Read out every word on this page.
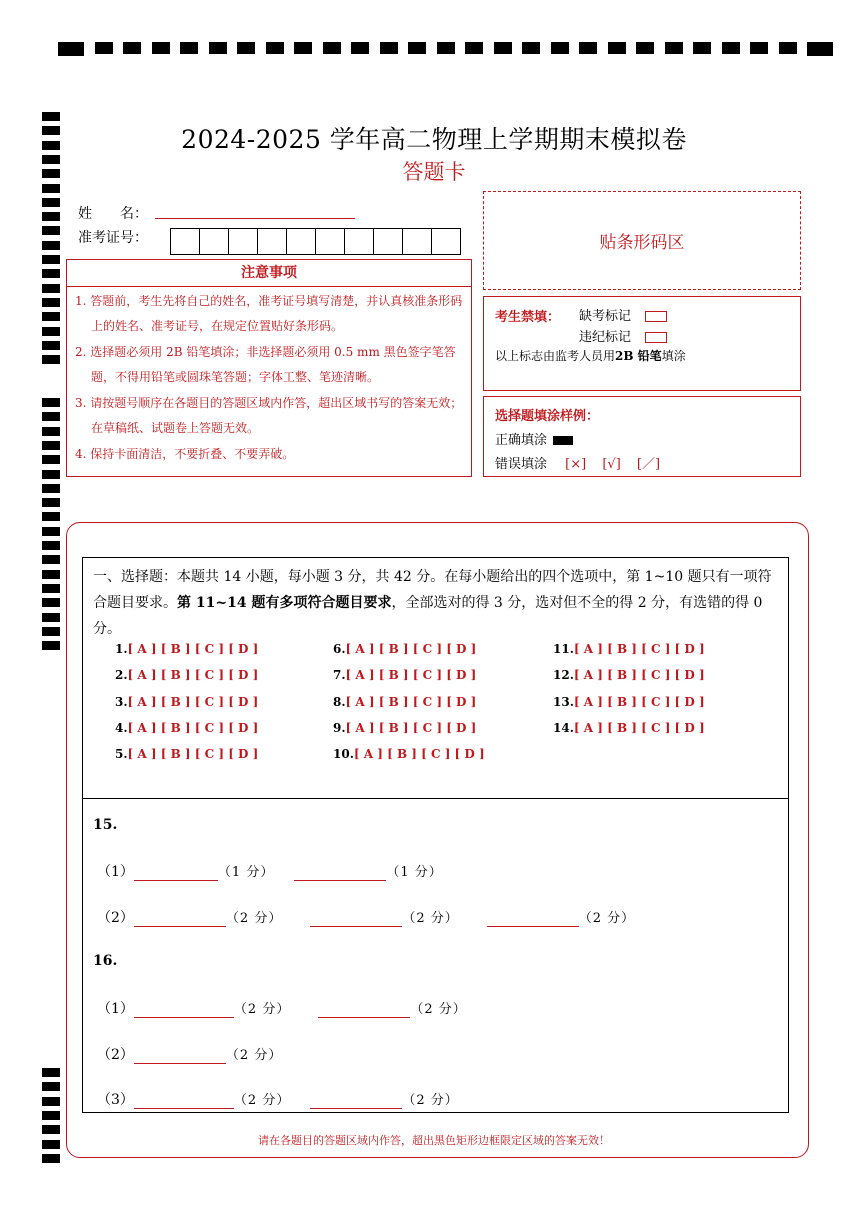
2024-2025 学年高二物理上学期期末模拟卷
答题卡
姓　　名：
准考证号：	贴条形码区
注意事项
1. 答题前，考生先将自己的姓名，准考证号填写清楚，并认真核准条形码上的姓名、准考证号，在规定位置贴好条形码。
2. 选择题必须用 2B 铅笔填涂；非选择题必须用 0.5 mm 黑色签字笔答题，不得用铅笔或圆珠笔答题；字体工整、笔迹清晰。
3. 请按题号顺序在各题目的答题区域内作答，超出区域书写的答案无效；在草稿纸、试题卷上答题无效。
4. 保持卡面清洁，不要折叠、不要弄破。
考生禁填： 缺考标记
违纪标记
以上标志由监考人员用2B 铅笔填涂
选择题填涂样例：
正确填涂
错误填涂 [×] [√] [／]
一、选择题：本题共 14 小题，每小题 3 分，共 42 分。在每小题给出的四个选项中，第 1~10 题只有一项符合题目要求。第 11~14 题有多项符合题目要求，全部选对的得 3 分，选对但不全的得 2 分，有选错的得 0 分。
1.[ A ] [ B ] [ C ] [ D ]
2.[ A ] [ B ] [ C ] [ D ]
3.[ A ] [ B ] [ C ] [ D ]
4.[ A ] [ B ] [ C ] [ D ]
5.[ A ] [ B ] [ C ] [ D ]
6.[ A ] [ B ] [ C ] [ D ]
7.[ A ] [ B ] [ C ] [ D ]
8.[ A ] [ B ] [ C ] [ D ]
9.[ A ] [ B ] [ C ] [ D ]
10.[ A ] [ B ] [ C ] [ D ]
11.[ A ] [ B ] [ C ] [ D ]
12.[ A ] [ B ] [ C ] [ D ]
13.[ A ] [ B ] [ C ] [ D ]
14.[ A ] [ B ] [ C ] [ D ]
15.
（1）	（1 分）	（1 分）
（2）	（2 分）	（2 分）	（2 分）
16.
（1）	（2 分）	（2 分）
（2）	（2 分）
（3）	（2 分）	（2 分）
请在各题目的答题区域内作答，超出黑色矩形边框限定区域的答案无效！
